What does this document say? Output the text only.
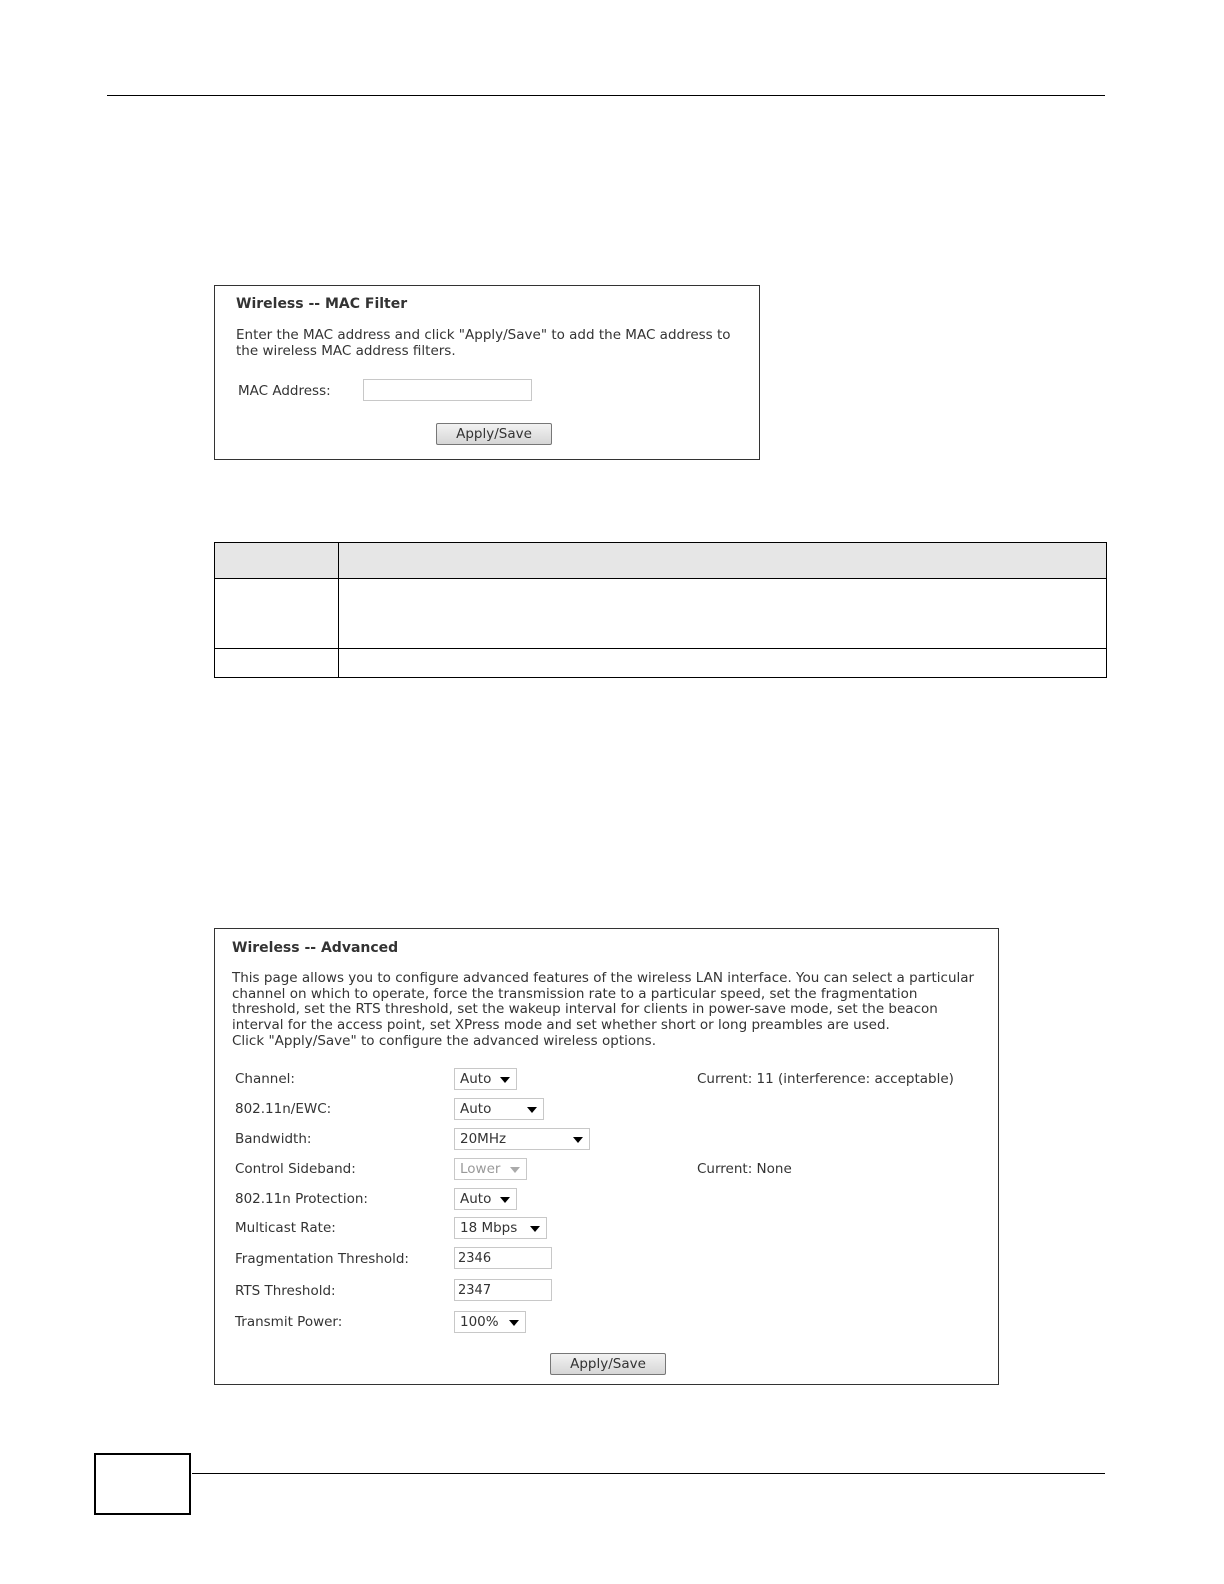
Wireless -- MAC Filter
Enter the MAC address and click "Apply/Save" to add the MAC address to the wireless MAC address filters.
MAC Address:
Apply/Save
Wireless -- Advanced
This page allows you to configure advanced features of the wireless LAN interface. You can select a particular channel on which to operate, force the transmission rate to a particular speed, set the fragmentation threshold, set the RTS threshold, set the wakeup interval for clients in power-save mode, set the beacon interval for the access point, set XPress mode and set whether short or long preambles are used.
Click "Apply/Save" to configure the advanced wireless options.
Channel:	Auto	Current: 11 (interference: acceptable)
802.11n/EWC:	Auto
Bandwidth:	20MHz
Control Sideband:	Lower	Current: None
802.11n Protection:	Auto
Multicast Rate:	18 Mbps
Fragmentation Threshold:
2346
RTS Threshold:
2347
Transmit Power:	100%
Apply/Save
